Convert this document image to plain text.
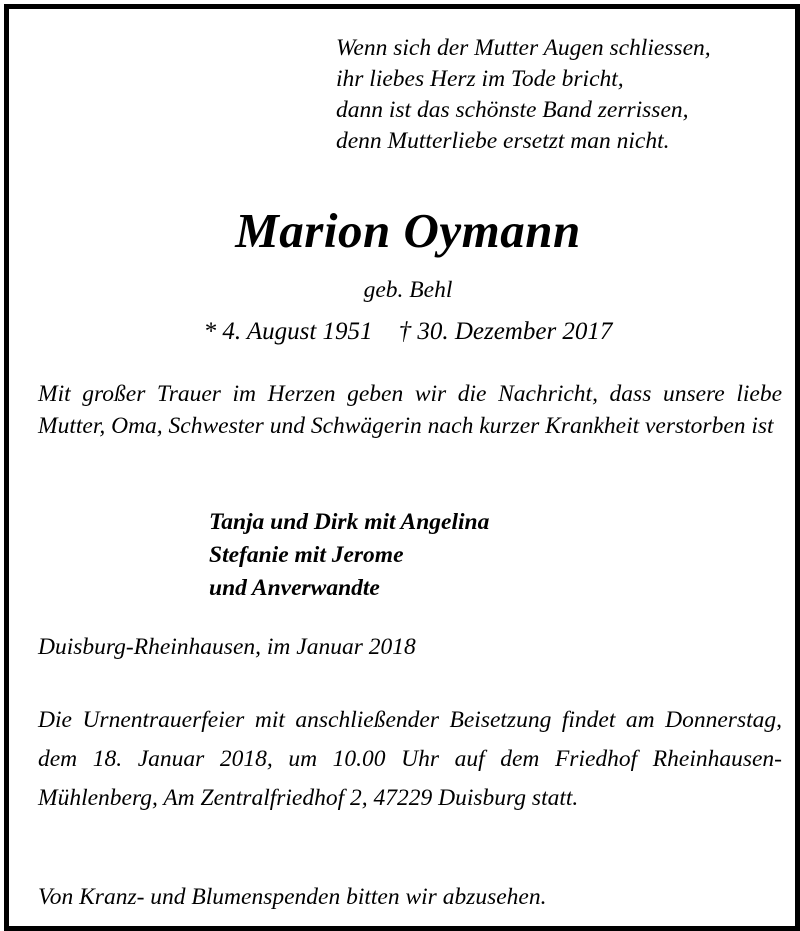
Wenn sich der Mutter Augen schliessen,
ihr liebes Herz im Tode bricht,
dann ist das schönste Band zerrissen,
denn Mutterliebe ersetzt man nicht.
Marion Oymann
geb. Behl
* 4. August 1951 † 30. Dezember 2017
Mit großer Trauer im Herzen geben wir die Nachricht, dass unsere liebe Mutter, Oma, Schwester und Schwägerin nach kurzer Krankheit verstorben ist
Tanja und Dirk mit Angelina
Stefanie mit Jerome
und Anverwandte
Duisburg-Rheinhausen, im Januar 2018
Die Urnentrauerfeier mit anschließender Beisetzung findet am Donnerstag, dem 18. Januar 2018, um 10.00 Uhr auf dem Friedhof Rheinhausen-Mühlenberg, Am Zentralfriedhof 2, 47229 Duisburg statt.
Von Kranz- und Blumenspenden bitten wir abzusehen.
